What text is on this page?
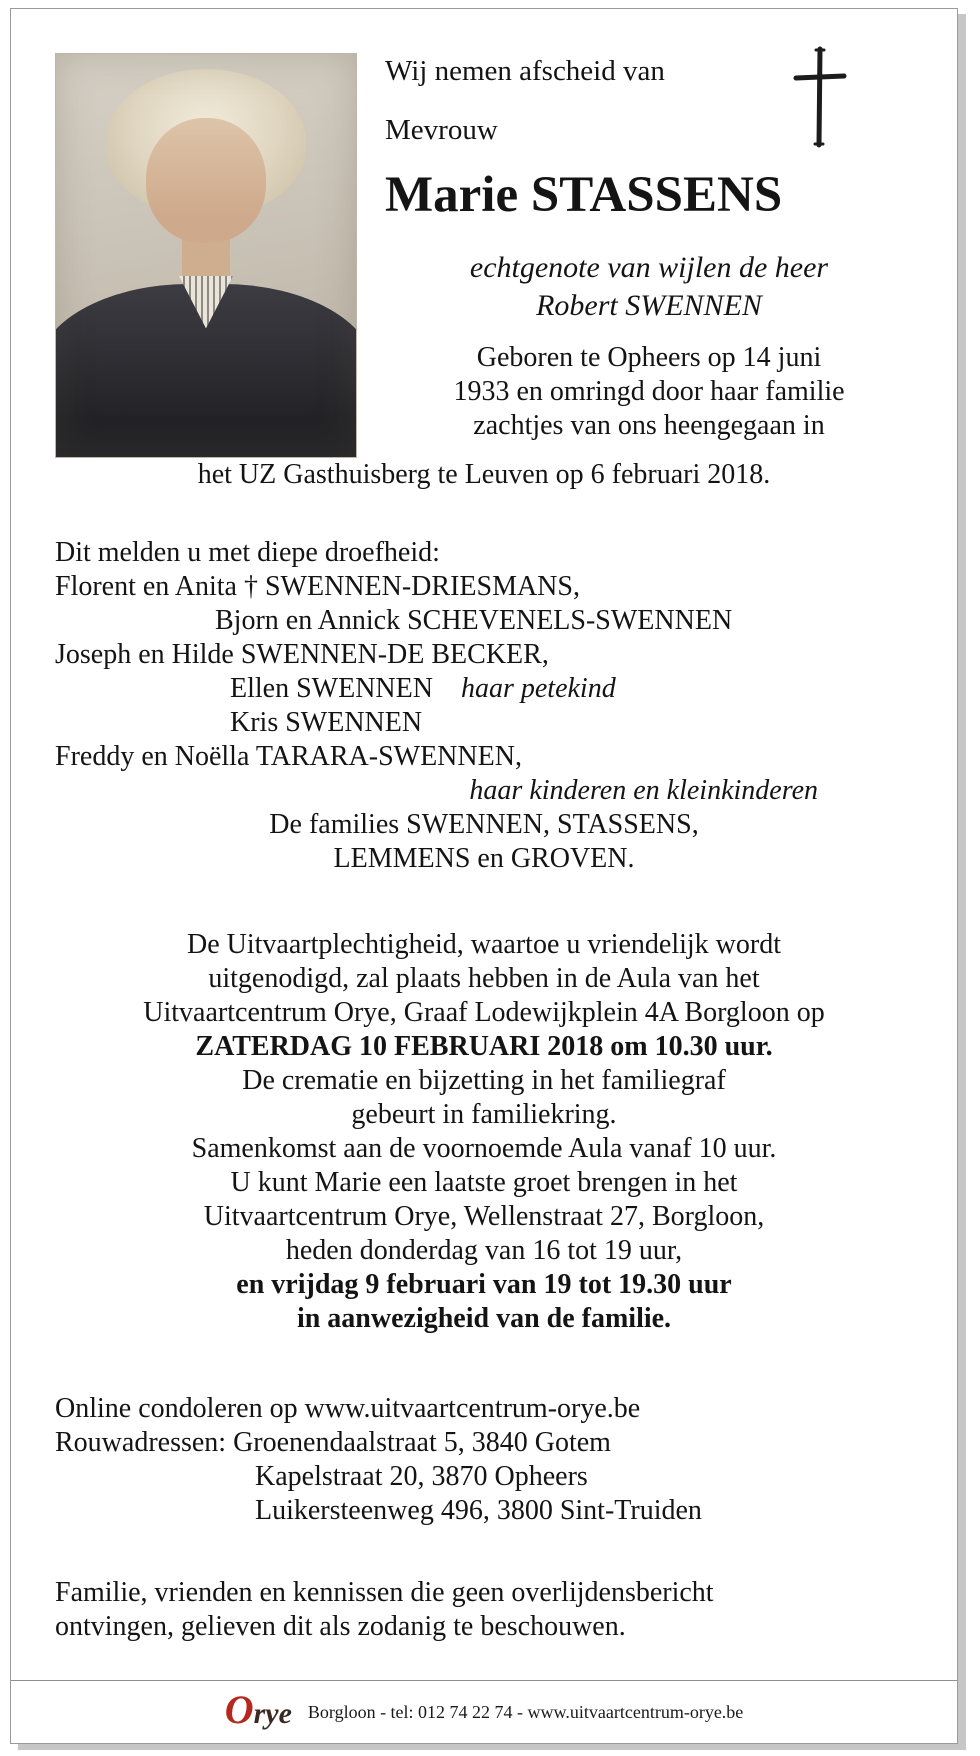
Wij nemen afscheid van
Mevrouw
Marie STASSENS
echtgenote van wijlen de heer
Robert SWENNEN
Geboren te Opheers op 14 juni
1933 en omringd door haar familie
zachtjes van ons heengegaan in
het UZ Gasthuisberg te Leuven op 6 februari 2018.
Dit melden u met diepe droefheid:
Florent en Anita † SWENNEN-DRIESMANS,
Bjorn en Annick SCHEVENELS-SWENNEN
Joseph en Hilde SWENNEN-DE BECKER,
Ellen SWENNEN haar petekind
Kris SWENNEN
Freddy en Noëlla TARARA-SWENNEN,
haar kinderen en kleinkinderen
De families SWENNEN, STASSENS,
LEMMENS en GROVEN.
De Uitvaartplechtigheid, waartoe u vriendelijk wordt
uitgenodigd, zal plaats hebben in de Aula van het
Uitvaartcentrum Orye, Graaf Lodewijkplein 4A Borgloon op
ZATERDAG 10 FEBRUARI 2018 om 10.30 uur.
De crematie en bijzetting in het familiegraf
gebeurt in familiekring.
Samenkomst aan de voornoemde Aula vanaf 10 uur.
U kunt Marie een laatste groet brengen in het
Uitvaartcentrum Orye, Wellenstraat 27, Borgloon,
heden donderdag van 16 tot 19 uur,
en vrijdag 9 februari van 19 tot 19.30 uur
in aanwezigheid van de familie.
Online condoleren op www.uitvaartcentrum-orye.be
Rouwadressen: Groenendaalstraat 5, 3840 Gotem
Kapelstraat 20, 3870 Opheers
Luikersteenweg 496, 3800 Sint-Truiden
Familie, vrienden en kennissen die geen overlijdensbericht
ontvingen, gelieven dit als zodanig te beschouwen.
Orye Borgloon - tel: 012 74 22 74 - www.uitvaartcentrum-orye.be
